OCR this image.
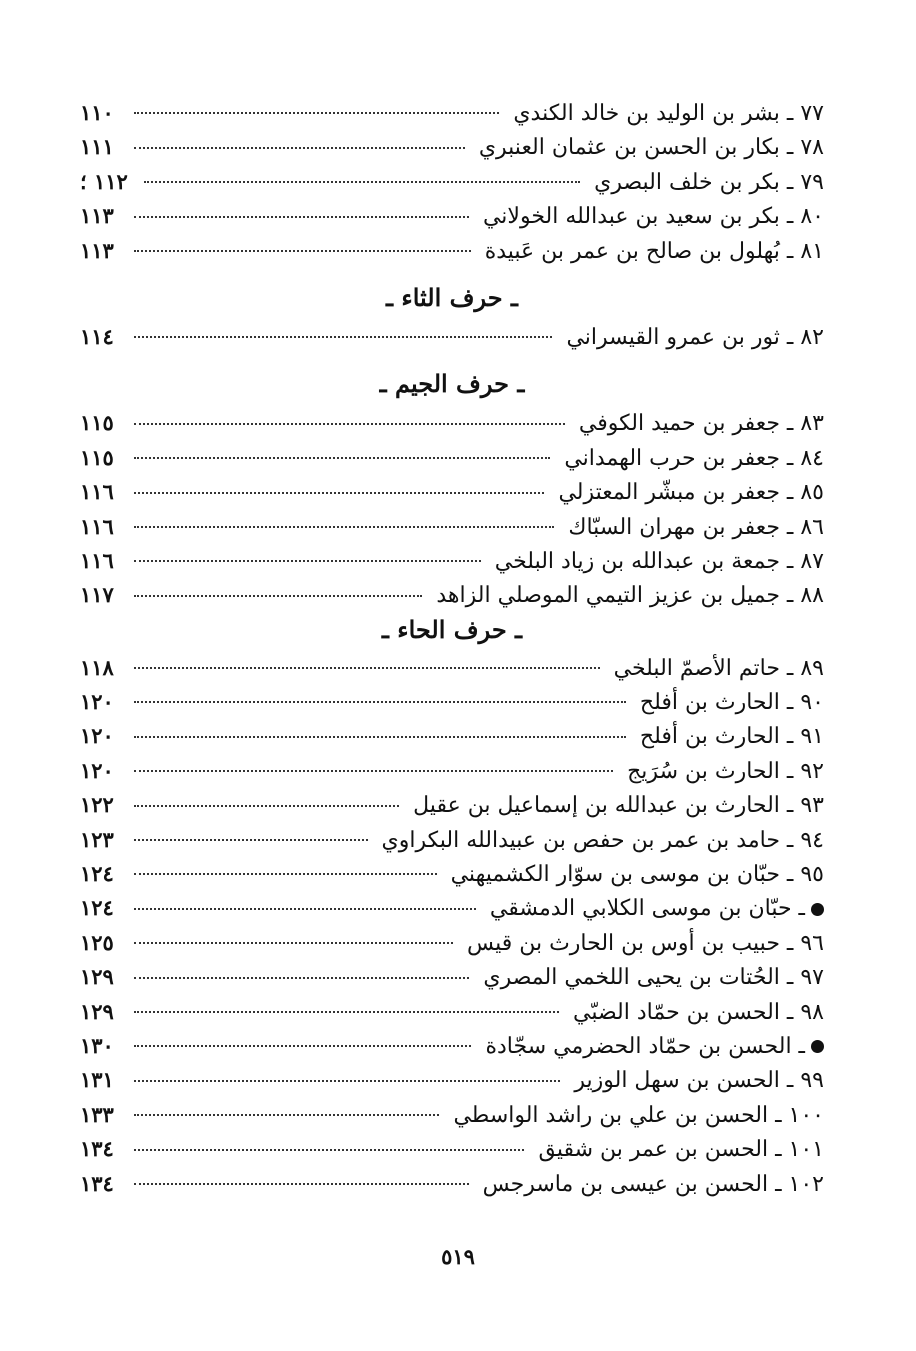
٧٧ ـ بشر بن الوليد بن خالد الكندي
١١٠
٧٨ ـ بكار بن الحسن بن عثمان العنبري
١١١
٧٩ ـ بكر بن خلف البصري
١١٢ ؛
٨٠ ـ بكر بن سعيد بن عبدالله الخولاني
١١٣
٨١ ـ بُهلول بن صالح بن عمر بن عَبيدة
١١٣
ـ حرف الثاء ـ
٨٢ ـ ثور بن عمرو القيسراني
١١٤
ـ حرف الجيم ـ
٨٣ ـ جعفر بن حميد الكوفي
١١٥
٨٤ ـ جعفر بن حرب الهمداني
١١٥
٨٥ ـ جعفر بن مبشّر المعتزلي
١١٦
٨٦ ـ جعفر بن مهران السبّاك
١١٦
٨٧ ـ جمعة بن عبدالله بن زياد البلخي
١١٦
٨٨ ـ جميل بن عزيز التيمي الموصلي الزاهد
١١٧
ـ حرف الحاء ـ
٨٩ ـ حاتم الأصمّ البلخي
١١٨
٩٠ ـ الحارث بن أفلح
١٢٠
٩١ ـ الحارث بن أفلح
١٢٠
٩٢ ـ الحارث بن سُرَيج
١٢٠
٩٣ ـ الحارث بن عبدالله بن إسماعيل بن عقيل
١٢٢
٩٤ ـ حامد بن عمر بن حفص بن عبيدالله البكراوي
١٢٣
٩٥ ـ حبّان بن موسى بن سوّار الكشميهني
١٢٤
ـ حبّان بن موسى الكلابي الدمشقي
١٢٤
٩٦ ـ حبيب بن أوس بن الحارث بن قيس
١٢٥
٩٧ ـ الحُتات بن يحيى اللخمي المصري
١٢٩
٩٨ ـ الحسن بن حمّاد الضبّي
١٢٩
ـ الحسن بن حمّاد الحضرمي سجّادة
١٣٠
٩٩ ـ الحسن بن سهل الوزير
١٣١
١٠٠ ـ الحسن بن علي بن راشد الواسطي
١٣٣
١٠١ ـ الحسن بن عمر بن شقيق
١٣٤
١٠٢ ـ الحسن بن عيسى بن ماسرجس
١٣٤
٥١٩
